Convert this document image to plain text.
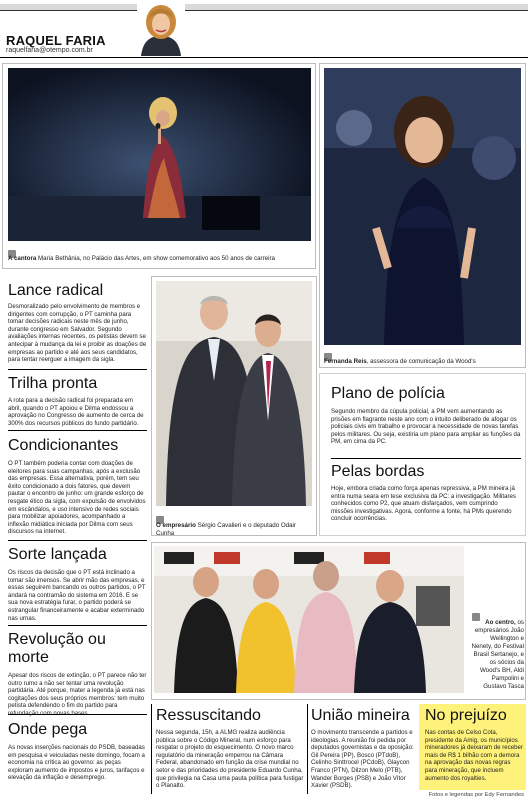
RAQUEL FARIA
raquelfaria@otempo.com.br
A cantora Maria Bethânia, no Palácio das Artes, em show comemorativo aos 50 anos de carreira
Fernanda Reis, assessora de comunicação da Wood's
Lance radical
Desmoralizado pelo envolvimento de membros e dirigentes com corrupção, o PT caminha para tomar decisões radicais neste mês de junho, durante congresso em Salvador. Segundo avaliações internas recentes, os petistas devem se antecipar à mudança da lei e proibir as doações de empresas ao partido e até aos seus candidatos, para tentar reerguer a imagem da sigla.
Trilha pronta
A rota para a decisão radical foi preparada em abril, quando o PT apoiou e Dilma endossou a aprovação no Congresso de aumento de cerca de 300% dos recursos públicos do fundo partidário.
Condicionantes
O PT também poderia contar com doações de eleitores para suas campanhas, após a exclusão das empresas. Essa alternativa, porém, tem seu êxito condicionado a dois fatores, que devem pautar o encontro de junho: um grande esforço de resgate ético da sigla, com expulsão de envolvidos em escândalos, e uso intensivo de redes sociais para mobilizar apoiadores, acompanhado a inflexão midiática iniciada por Dilma com seus discursos na internet.
Sorte lançada
Os riscos da decisão que o PT está inclinado a tomar são imensos. Se abrir mão das empresas, e essas seguirem bancando os outros partidos, o PT andará na contramão do sistema em 2016. E se sua nova estratégia furar, o partido poderá se estrangular financeiramente e acabar exterminado nas urnas.
Revolução ou morte
Apesar dos riscos de extinção, o PT parece não ter outro rumo a não ser tentar uma revolução partidária. Até porque, mater a legenda já está nas cogitações dos seus próprios membros: tem muito petista defendendo o fim do partido para
Onde pega
As novas inserções nacionais do PSDB, baseadas em pesquisa e veiculadas neste domingo, focam a economia na crítica ao governo: as peças exploram aumento de impostos e juros, tarifaços e elevação da inflação e desemprego.
O empresário Sérgio Cavalieri e o deputado Odair Cunha
Plano de polícia
Segundo membro da cúpula policial, a PM vem aumentando as prisões em flagrante neste ano com o intuito deliberado de afogar os policiais civis em trabalho e provocar a necessidade de novas tarefas pelos militares. Ou seja, existiria um plano para ampliar as funções da PM, em cima da PC.
Pelas bordas
Hoje, embora criada como força apenas repressiva, a PM mineira já entra numa seara em tese exclusiva da PC: a investigação. Militares conhecidos como P2, que atuam disfarçados, vem cumprindo missões investigativas. Agora, conforme a fonte, há PMs querendo concluir ocorrências.
Ao centro, os empresários João Wellington e Nenety, do Festival Brasil Sertanejo, e os sócios da Wood's BH, Aldi Pampolini e Gustavo Tasca
Ressuscitando
Nessa segunda, 15h, a ALMG realiza audiência pública sobre o Código Mineral, num esforço para resgatar o projeto do esquecimento. O novo marco regulatório da mineração emperrou na Câmara Federal, abandonado em função da crise mundial no setor e das prioridades do presidente Eduardo Cunha, que privilegia na Casa uma pauta política para fustigar o Planalto.
União mineira
O movimento transcende a partidos e ideologias. A reunião foi pedida por deputados governistas e da oposição: Gil Pereira (PP), Bosco (PTdoB), Celinho Sinttrocel (PCdoB), Glaycon Franco (PTN), Dilzon Melo (PTB), Wander Borges (PSB) e João Vítor Xavier (PSDB).
No prejuízo
Nas contas de Celso Cota, presidente da Amig, os municípios mineradores já deixaram de receber mais de R$ 1 bilhão com a demora na aprovação das novas regras para mineração, que incluem aumento dos royalties.
Fotos e legendas por Edy Fernandes
